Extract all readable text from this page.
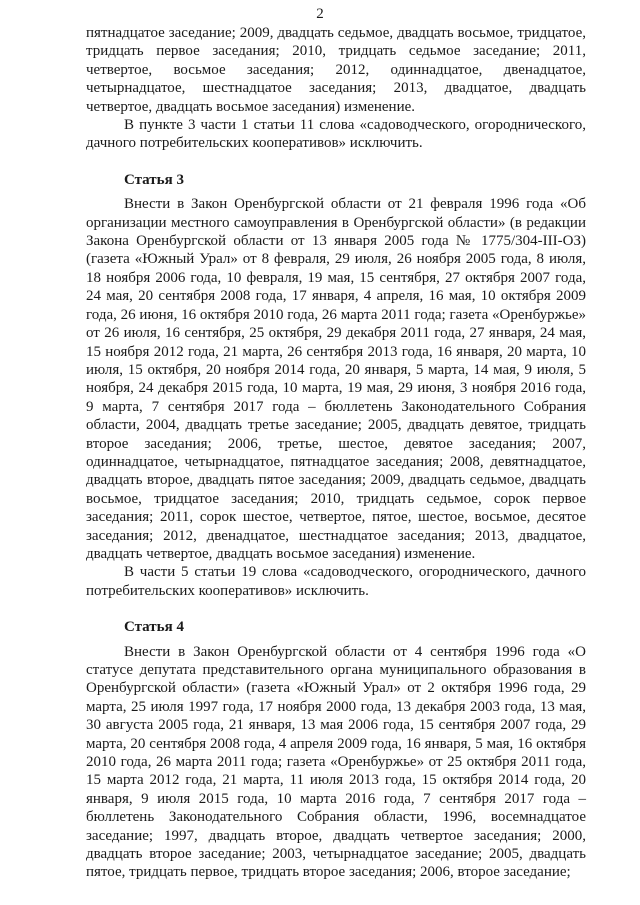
2

пятнадцатое заседание; 2009, двадцать седьмое, двадцать восьмое, тридцатое, тридцать первое заседания; 2010, тридцать седьмое заседание; 2011, четвертое, восьмое заседания; 2012, одиннадцатое, двенадцатое, четырнадцатое, шестнадцатое заседания; 2013, двадцатое, двадцать четвертое, двадцать восьмое заседания) изменение.

В пункте 3 части 1 статьи 11 слова «садоводческого, огороднического, дачного потребительских кооперативов» исключить.

Статья 3

Внести в Закон Оренбургской области от 21 февраля 1996 года «Об организации местного самоуправления в Оренбургской области» (в редакции Закона Оренбургской области от 13 января 2005 года № 1775/304-III-ОЗ) (газета «Южный Урал» от 8 февраля, 29 июля, 26 ноября 2005 года, 8 июля, 18 ноября 2006 года, 10 февраля, 19 мая, 15 сентября, 27 октября 2007 года, 24 мая, 20 сентября 2008 года, 17 января, 4 апреля, 16 мая, 10 октября 2009 года, 26 июня, 16 октября 2010 года, 26 марта 2011 года; газета «Оренбуржье» от 26 июля, 16 сентября, 25 октября, 29 декабря 2011 года, 27 января, 24 мая, 15 ноября 2012 года, 21 марта, 26 сентября 2013 года, 16 января, 20 марта, 10 июля, 15 октября, 20 ноября 2014 года, 20 января, 5 марта, 14 мая, 9 июля, 5 ноября, 24 декабря 2015 года, 10 марта, 19 мая, 29 июня, 3 ноября 2016 года, 9 марта, 7 сентября 2017 года – бюллетень Законодательного Собрания области, 2004, двадцать третье заседание; 2005, двадцать девятое, тридцать второе заседания; 2006, третье, шестое, девятое заседания; 2007, одиннадцатое, четырнадцатое, пятнадцатое заседания; 2008, девятнадцатое, двадцать второе, двадцать пятое заседания; 2009, двадцать седьмое, двадцать восьмое, тридцатое заседания; 2010, тридцать седьмое, сорок первое заседания; 2011, сорок шестое, четвертое, пятое, шестое, восьмое, десятое заседания; 2012, двенадцатое, шестнадцатое заседания; 2013, двадцатое, двадцать четвертое, двадцать восьмое заседания) изменение.

В части 5 статьи 19 слова «садоводческого, огороднического, дачного потребительских кооперативов» исключить.

Статья 4

Внести в Закон Оренбургской области от 4 сентября 1996 года «О статусе депутата представительного органа муниципального образования в Оренбургской области» (газета «Южный Урал» от 2 октября 1996 года, 29 марта, 25 июля 1997 года, 17 ноября 2000 года, 13 декабря 2003 года, 13 мая, 30 августа 2005 года, 21 января, 13 мая 2006 года, 15 сентября 2007 года, 29 марта, 20 сентября 2008 года, 4 апреля 2009 года, 16 января, 5 мая, 16 октября 2010 года, 26 марта 2011 года; газета «Оренбуржье» от 25 октября 2011 года, 15 марта 2012 года, 21 марта, 11 июля 2013 года, 15 октября 2014 года, 20 января, 9 июля 2015 года, 10 марта 2016 года, 7 сентября 2017 года – бюллетень Законодательного Собрания области, 1996, восемнадцатое заседание; 1997, двадцать второе, двадцать четвертое заседания; 2000, двадцать второе заседание; 2003, четырнадцатое заседание; 2005, двадцать пятое, тридцать первое, тридцать второе заседания; 2006, второе заседание;
